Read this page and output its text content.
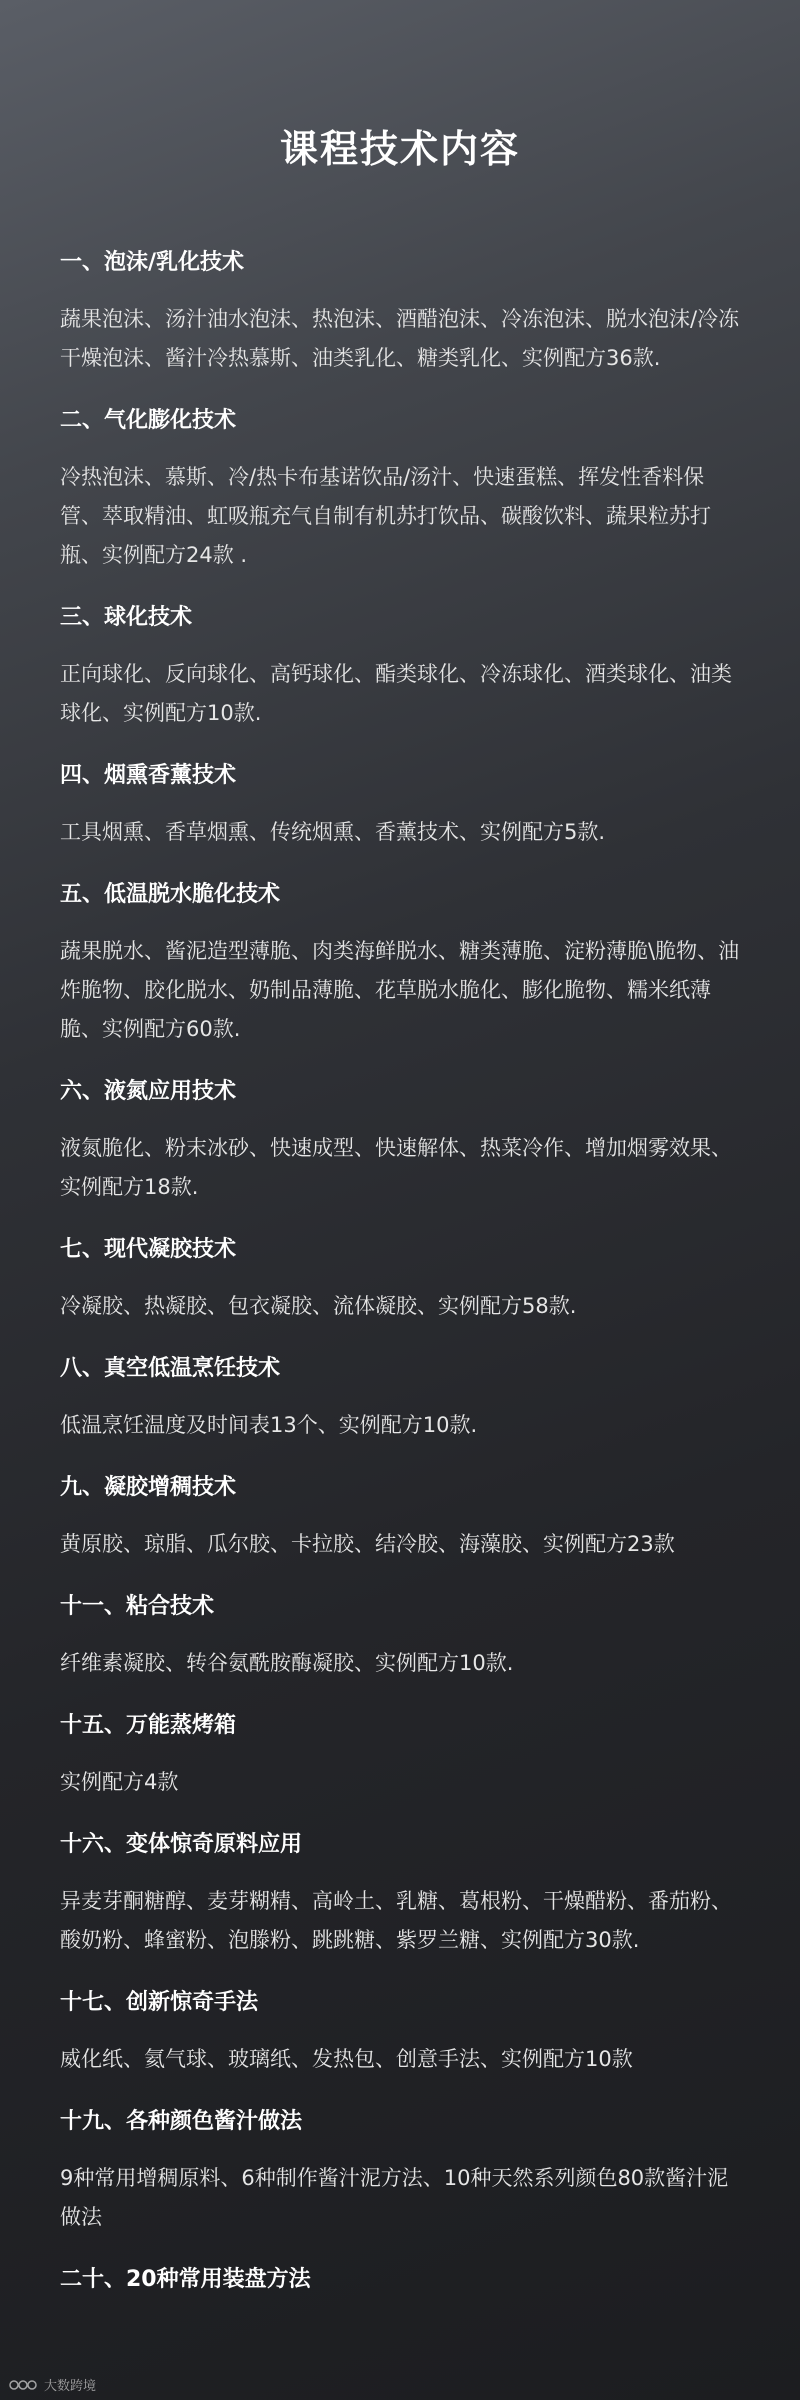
课程技术内容
一、泡沫/乳化技术
蔬果泡沫、汤汁油水泡沫、热泡沫、酒醋泡沫、冷冻泡沫、脱水泡沫/冷冻干燥泡沫、酱汁冷热慕斯、油类乳化、糖类乳化、实例配方36款.
二、气化膨化技术
冷热泡沫、慕斯、冷/热卡布基诺饮品/汤汁、快速蛋糕、挥发性香料保管、萃取精油、虹吸瓶充气自制有机苏打饮品、碳酸饮料、蔬果粒苏打瓶、实例配方24款 .
三、球化技术
正向球化、反向球化、高钙球化、酯类球化、冷冻球化、酒类球化、油类球化、实例配方10款.
四、烟熏香薰技术
工具烟熏、香草烟熏、传统烟熏、香薰技术、实例配方5款.
五、低温脱水脆化技术
蔬果脱水、酱泥造型薄脆、肉类海鲜脱水、糖类薄脆、淀粉薄脆\脆物、油炸脆物、胶化脱水、奶制品薄脆、花草脱水脆化、膨化脆物、糯米纸薄脆、实例配方60款.
六、液氮应用技术
液氮脆化、粉末冰砂、快速成型、快速解体、热菜冷作、增加烟雾效果、实例配方18款.
七、现代凝胶技术
冷凝胶、热凝胶、包衣凝胶、流体凝胶、实例配方58款.
八、真空低温烹饪技术
低温烹饪温度及时间表13个、实例配方10款.
九、凝胶增稠技术
黄原胶、琼脂、瓜尔胶、卡拉胶、结冷胶、海藻胶、实例配方23款
十一、粘合技术
纤维素凝胶、转谷氨酰胺酶凝胶、实例配方10款.
十五、万能蒸烤箱
实例配方4款
十六、变体惊奇原料应用
异麦芽酮糖醇、麦芽糊精、高岭土、乳糖、葛根粉、干燥醋粉、番茄粉、酸奶粉、蜂蜜粉、泡滕粉、跳跳糖、紫罗兰糖、实例配方30款.
十七、创新惊奇手法
威化纸、氦气球、玻璃纸、发热包、创意手法、实例配方10款
十九、各种颜色酱汁做法
9种常用增稠原料、6种制作酱汁泥方法、10种天然系列颜色80款酱汁泥做法
二十、20种常用装盘方法
大数跨境
